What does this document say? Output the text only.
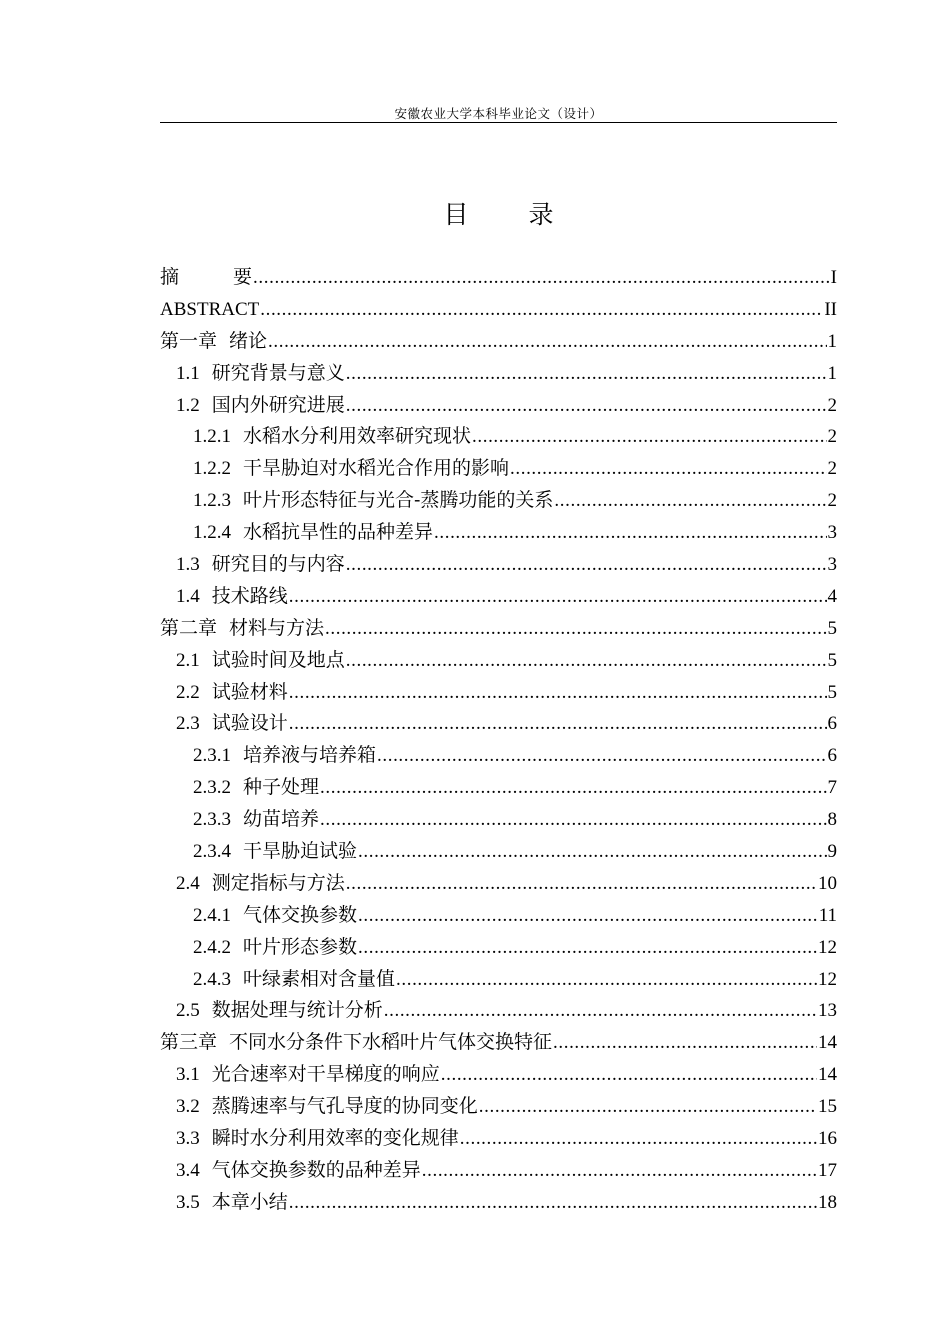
安徽农业大学本科毕业论文（设计）
目 录
摘 要 .....	I
ABSTRACT .....	II
第一章 绪论 .....	1
1.1 研究背景与意义 .....	1
1.2 国内外研究进展 .....	2
1.2.1 水稻水分利用效率研究现状 .....	2
1.2.2 干旱胁迫对水稻光合作用的影响 .....	2
1.2.3 叶片形态特征与光合-蒸腾功能的关系 .....	2
1.2.4 水稻抗旱性的品种差异 .....	3
1.3 研究目的与内容 .....	3
1.4 技术路线 .....	4
第二章 材料与方法 .....	5
2.1 试验时间及地点 .....	5
2.2 试验材料 .....	5
2.3 试验设计 .....	6
2.3.1 培养液与培养箱 .....	6
2.3.2 种子处理 .....	7
2.3.3 幼苗培养 .....	8
2.3.4 干旱胁迫试验 .....	9
2.4 测定指标与方法 .....	10
2.4.1 气体交换参数 .....	11
2.4.2 叶片形态参数 .....	12
2.4.3 叶绿素相对含量值 .....	12
2.5 数据处理与统计分析 .....	13
第三章 不同水分条件下水稻叶片气体交换特征 .....	14
3.1 光合速率对干旱梯度的响应 .....	14
3.2 蒸腾速率与气孔导度的协同变化 .....	15
3.3 瞬时水分利用效率的变化规律 .....	16
3.4 气体交换参数的品种差异 .....	17
3.5 本章小结 .....	18
